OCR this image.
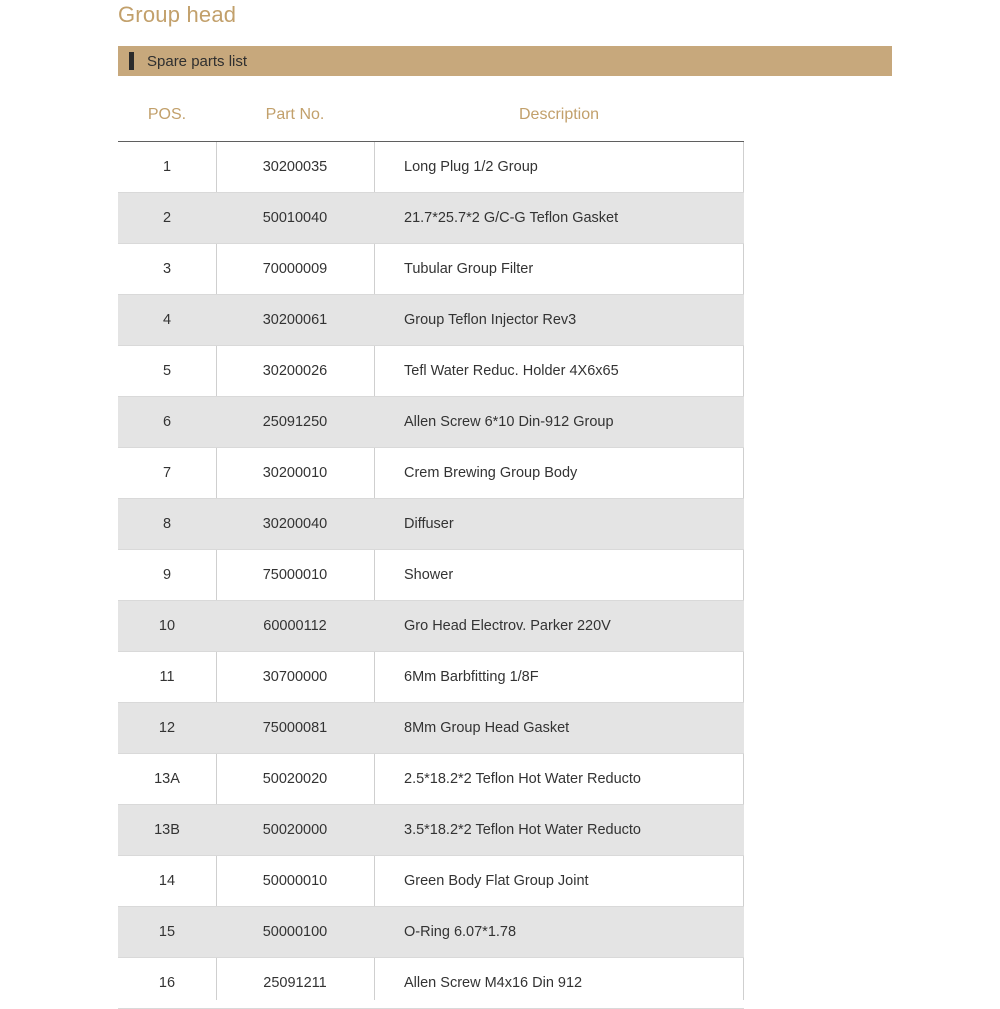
Group head
Spare parts list
POS.	Part No.	Description
1	30200035	Long Plug 1/2 Group
2	50010040	21.7*25.7*2 G/C-G Teflon Gasket
3	70000009	Tubular Group Filter
4	30200061	Group Teflon Injector Rev3
5	30200026	Tefl Water Reduc. Holder 4X6x65
6	25091250	Allen Screw 6*10 Din-912 Group
7	30200010	Crem Brewing Group Body
8	30200040	Diffuser
9	75000010	Shower
10	60000112	Gro Head Electrov. Parker 220V
11	30700000	6Mm Barbfitting 1/8F
12	75000081	8Mm Group Head Gasket
13A	50020020	2.5*18.2*2 Teflon Hot Water Reducto
13B	50020000	3.5*18.2*2 Teflon Hot Water Reducto
14	50000010	Green Body Flat Group Joint
15	50000100	O-Ring 6.07*1.78
16	25091211	Allen Screw M4x16 Din 912
